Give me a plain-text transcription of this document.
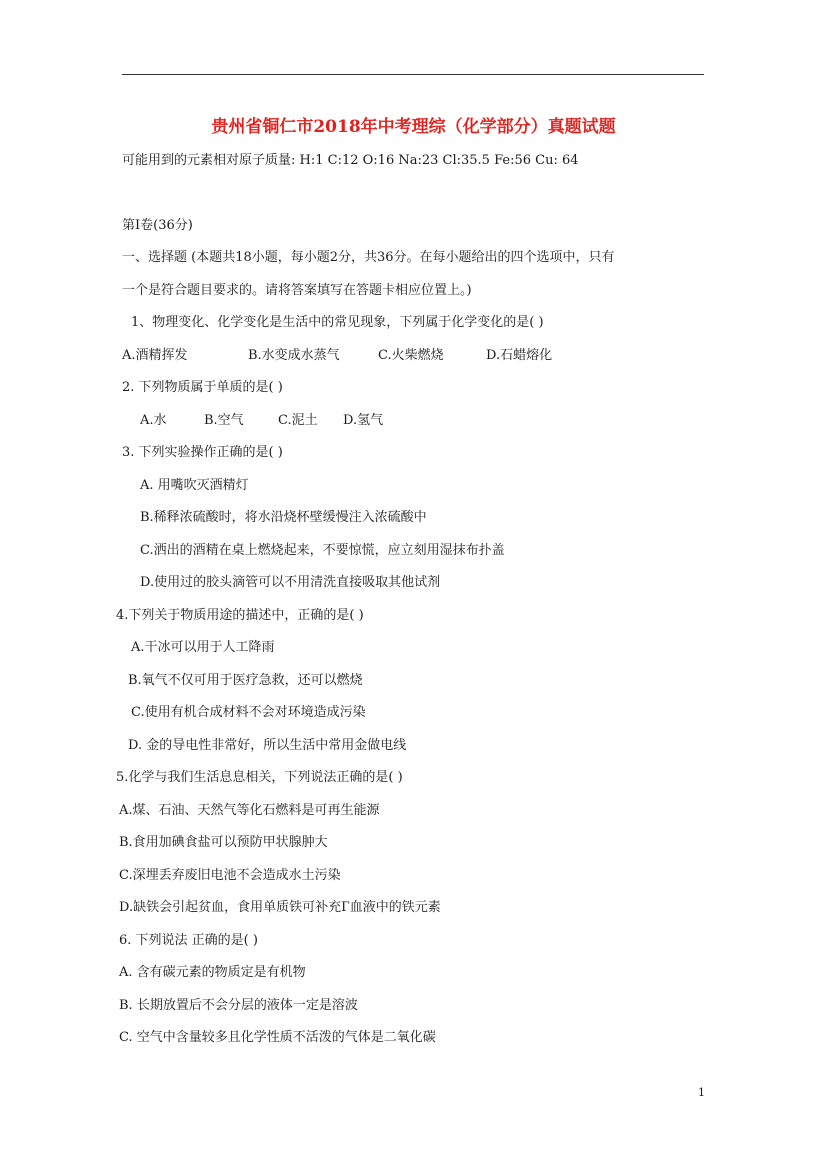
贵州省铜仁市2018年中考理综（化学部分）真题试题
可能用到的元素相对原子质量: H:1 C:12 O:16 Na:23 Cl:35.5 Fe:56 Cu: 64
第Ⅰ卷(36分)
一、选择题 (本题共18小题，每小题2分，共36分。在每小题给出的四个选项中，只有
一个是符合题目要求的。请将答案填写在答题卡相应位置上。)
1、物理变化、化学变化是生活中的常见现象，下列属于化学变化的是( )
A.酒精挥发	B.水变成水蒸气	C.火柴燃烧	D.石蜡熔化
2. 下列物质属于单质的是( )
A.水	B.空气	C.泥土 D.氢气
3. 下列实验操作正确的是( )
A. 用嘴吹灭酒精灯
B.稀释浓硫酸时，将水沿烧杯壁缓慢注入浓硫酸中
C.洒出的酒精在桌上燃烧起来，不要惊慌，应立刻用湿抹布扑盖
D.使用过的胶头滴管可以不用清洗直接吸取其他试剂
4.下列关于物质用途的描述中，正确的是( )
A.干冰可以用于人工降雨
B.氧气不仅可用于医疗急救，还可以燃烧
C.使用有机合成材料不会对环境造成污染
D. 金的导电性非常好，所以生活中常用金做电线
5.化学与我们生活息息相关，下列说法正确的是( )
A.煤、石油、天然气等化石燃料是可再生能源
B.食用加碘食盐可以预防甲状腺肿大
C.深埋丢弃废旧电池不会造成水土污染
D.缺铁会引起贫血，食用单质铁可补充Г血液中的铁元素
6. 下列说法 正确的是( )
A. 含有碳元素的物质定是有机物
B. 长期放置后不会分层的液体一定是溶波
C. 空气中含量较多且化学性质不活泼的气体是二氧化碳
1
